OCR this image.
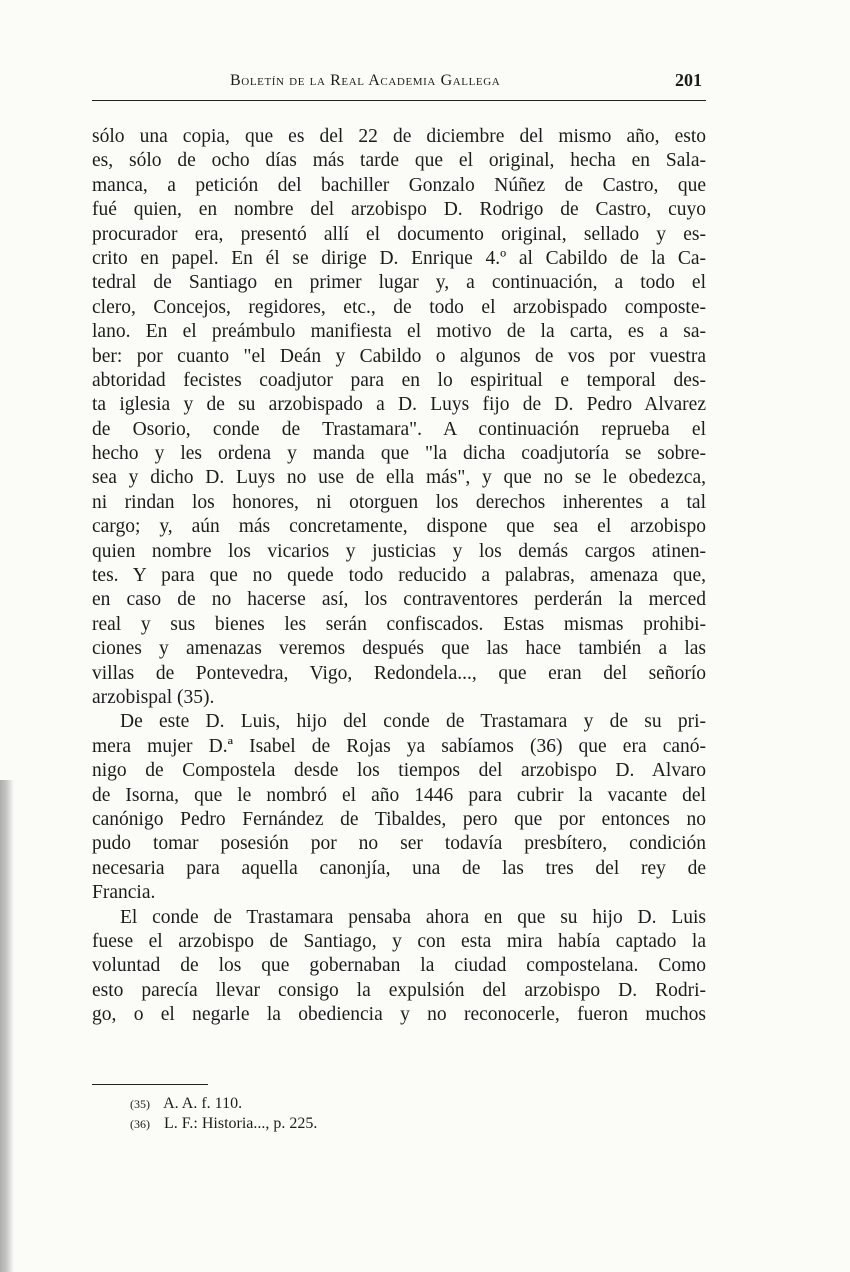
Boletín de la Real Academia Gallega	201
sólo una copia, que es del 22 de diciembre del mismo año, esto
es, sólo de ocho días más tarde que el original, hecha en Sala-
manca, a petición del bachiller Gonzalo Núñez de Castro, que
fué quien, en nombre del arzobispo D. Rodrigo de Castro, cuyo
procurador era, presentó allí el documento original, sellado y es-
crito en papel. En él se dirige D. Enrique 4.º al Cabildo de la Ca-
tedral de Santiago en primer lugar y, a continuación, a todo el
clero, Concejos, regidores, etc., de todo el arzobispado composte-
lano. En el preámbulo manifiesta el motivo de la carta, es a sa-
ber: por cuanto "el Deán y Cabildo o algunos de vos por vuestra
abtoridad fecistes coadjutor para en lo espiritual e temporal des-
ta iglesia y de su arzobispado a D. Luys fijo de D. Pedro Alvarez
de Osorio, conde de Trastamara". A continuación reprueba el
hecho y les ordena y manda que "la dicha coadjutoría se sobre-
sea y dicho D. Luys no use de ella más", y que no se le obedezca,
ni rindan los honores, ni otorguen los derechos inherentes a tal
cargo; y, aún más concretamente, dispone que sea el arzobispo
quien nombre los vicarios y justicias y los demás cargos atinen-
tes. Y para que no quede todo reducido a palabras, amenaza que,
en caso de no hacerse así, los contraventores perderán la merced
real y sus bienes les serán confiscados. Estas mismas prohibi-
ciones y amenazas veremos después que las hace también a las
villas de Pontevedra, Vigo, Redondela..., que eran del señorío
arzobispal (35).
De este D. Luis, hijo del conde de Trastamara y de su pri-
mera mujer D.ª Isabel de Rojas ya sabíamos (36) que era canó-
nigo de Compostela desde los tiempos del arzobispo D. Alvaro
de Isorna, que le nombró el año 1446 para cubrir la vacante del
canónigo Pedro Fernández de Tibaldes, pero que por entonces no
pudo tomar posesión por no ser todavía presbítero, condición
necesaria para aquella canonjía, una de las tres del rey de
Francia.
El conde de Trastamara pensaba ahora en que su hijo D. Luis
fuese el arzobispo de Santiago, y con esta mira había captado la
voluntad de los que gobernaban la ciudad compostelana. Como
esto parecía llevar consigo la expulsión del arzobispo D. Rodri-
go, o el negarle la obediencia y no reconocerle, fueron muchos
(35) A. A. f. 110.
(36) L. F.: Historia..., p. 225.
